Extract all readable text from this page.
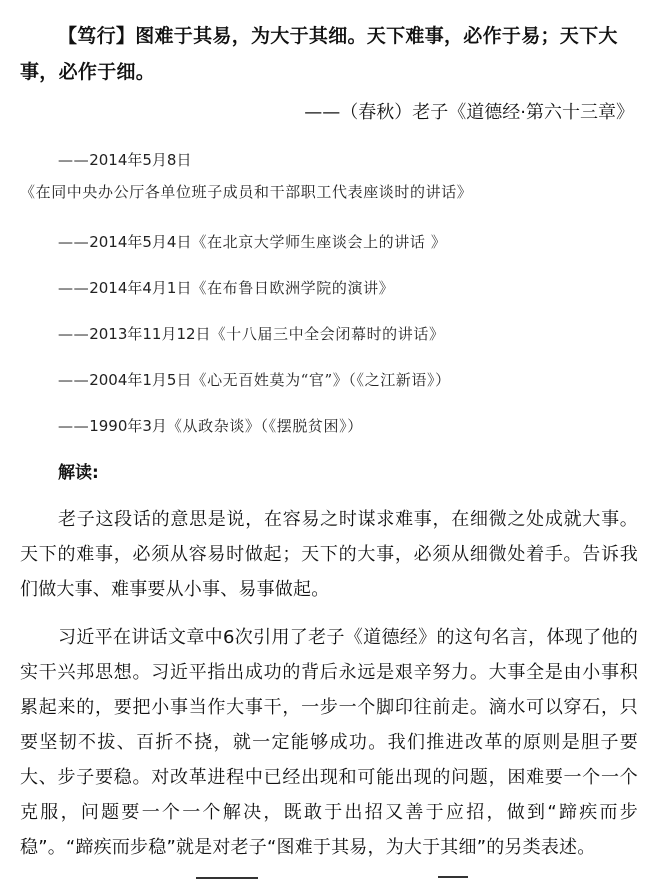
【笃行】图难于其易，为大于其细。天下难事，必作于易；天下大事，必作于细。
——（春秋）老子《道德经·第六十三章》
——2014年5月8日《在同中央办公厅各单位班子成员和干部职工代表座谈时的讲话》
——2014年5月4日《在北京大学师生座谈会上的讲话 》
——2014年4月1日《在布鲁日欧洲学院的演讲》
——2013年11月12日《十八届三中全会闭幕时的讲话》
——2004年1月5日《心无百姓莫为“官”》（《之江新语》）
——1990年3月《从政杂谈》（《摆脱贫困》）
解读:
老子这段话的意思是说，在容易之时谋求难事，在细微之处成就大事。天下的难事，必须从容易时做起；天下的大事，必须从细微处着手。告诉我们做大事、难事要从小事、易事做起。
习近平在讲话文章中6次引用了老子《道德经》的这句名言，体现了他的实干兴邦思想。习近平指出成功的背后永远是艰辛努力。大事全是由小事积累起来的，要把小事当作大事干，一步一个脚印往前走。滴水可以穿石，只要坚韧不拔、百折不挠，就一定能够成功。我们推进改革的原则是胆子要大、步子要稳。对改革进程中已经出现和可能出现的问题，困难要一个一个克服，问题要一个一个解决，既敢于出招又善于应招，做到“蹄疾而步稳”。“蹄疾而步稳”就是对老子“图难于其易，为大于其细”的另类表述。
